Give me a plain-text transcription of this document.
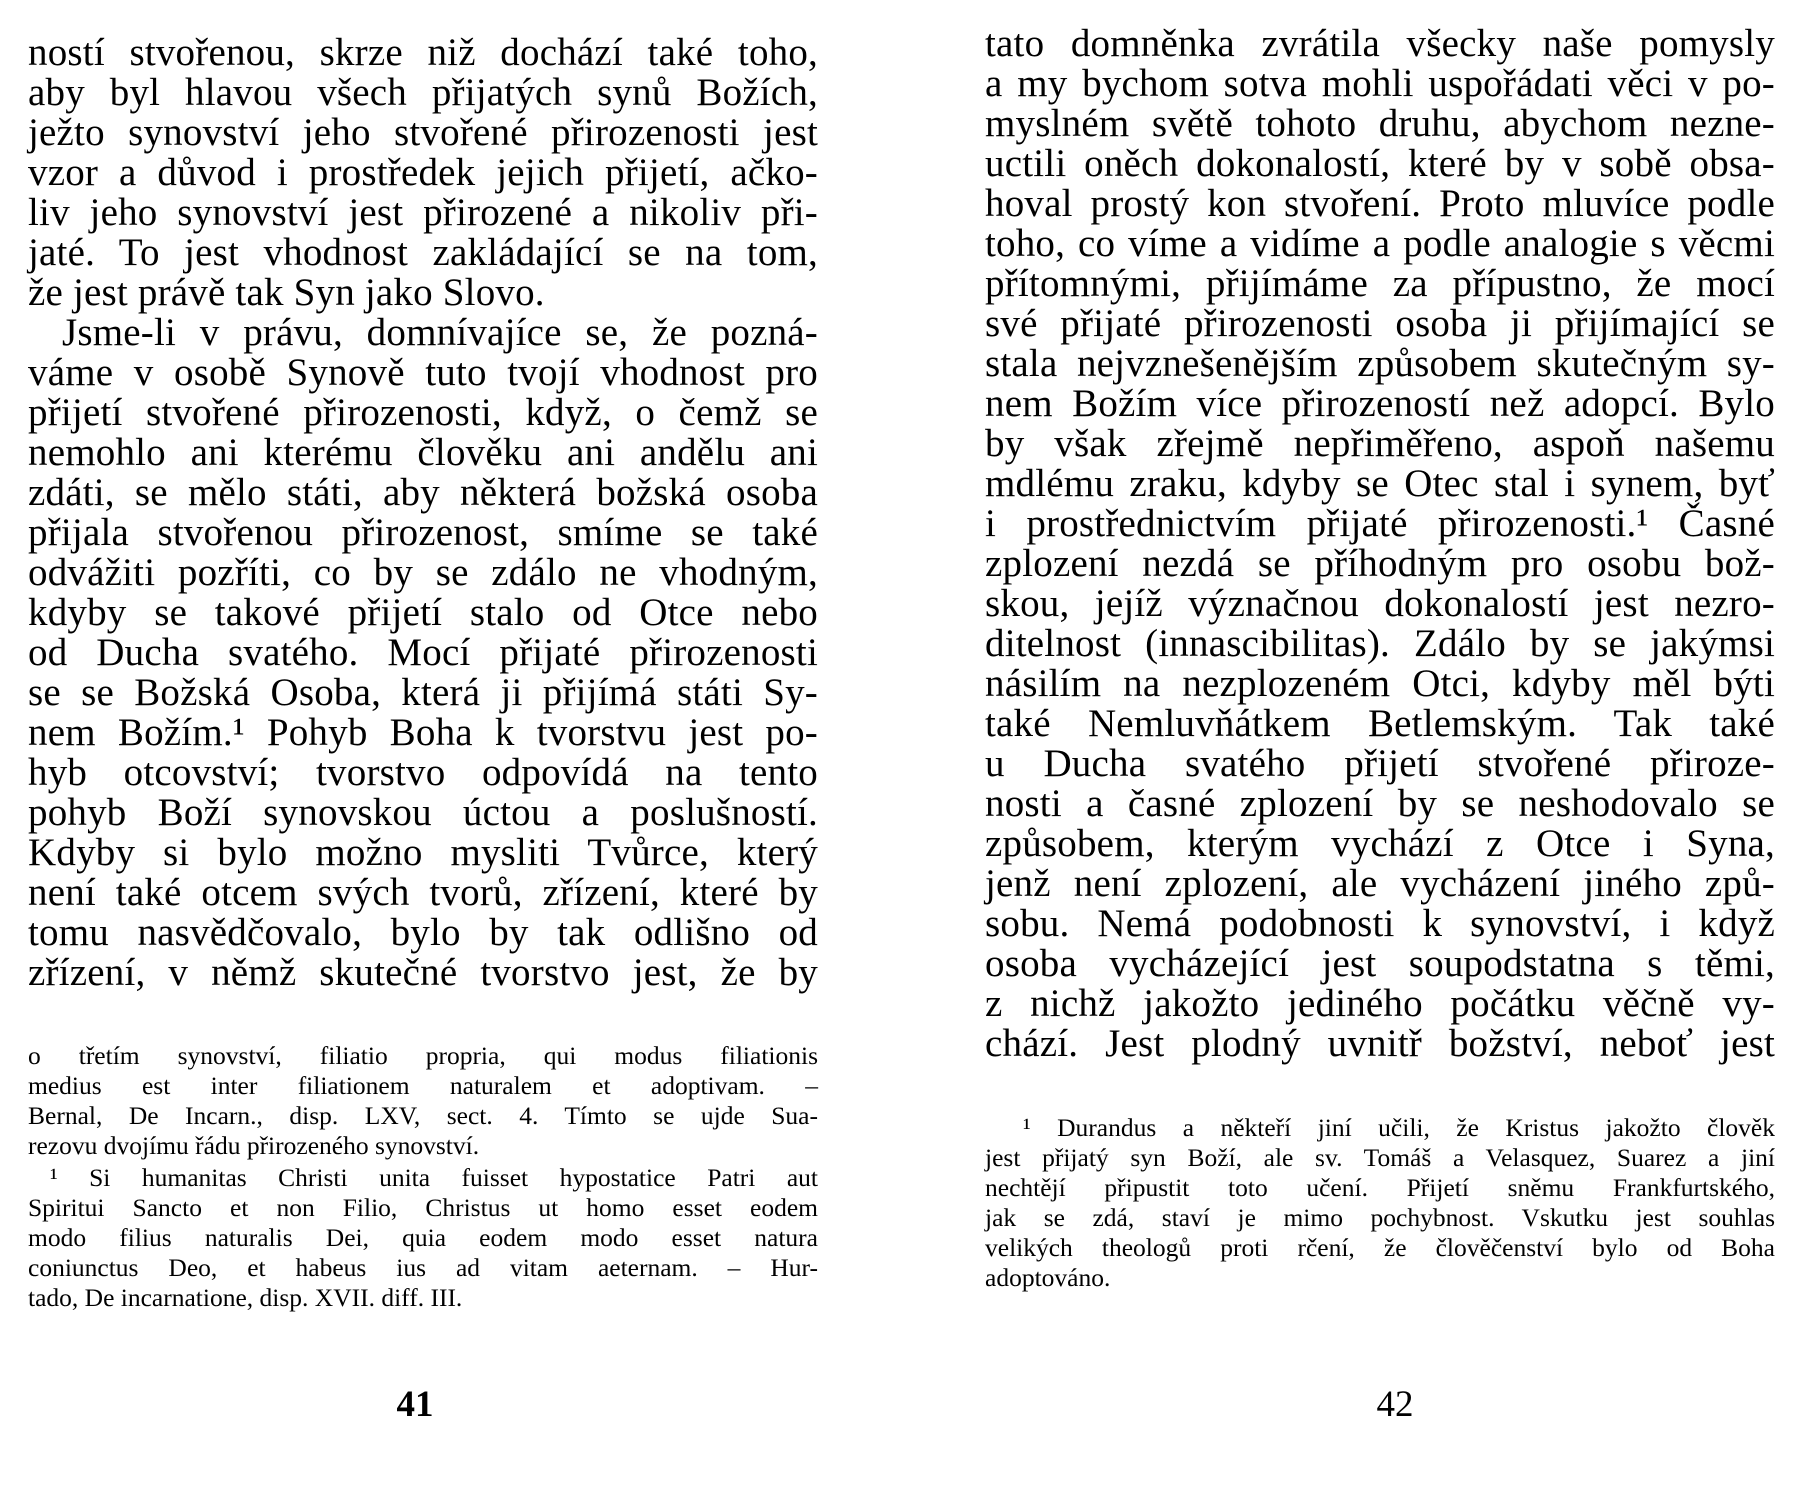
ností stvořenou, skrze niž dochází také toho,
aby byl hlavou všech přijatých synů Božích,
ježto synovství jeho stvořené přirozenosti jest
vzor a důvod i prostředek jejich přijetí, ačko-
liv jeho synovství jest přirozené a nikoliv při-
jaté. To jest vhodnost zakládající se na tom,
že jest právě tak Syn jako Slovo.
Jsme-li v právu, domnívajíce se, že pozná-
váme v osobě Synově tuto tvojí vhodnost pro
přijetí stvořené přirozenosti, když, o čemž se
nemohlo ani kterému člověku ani andělu ani
zdáti, se mělo státi, aby některá božská osoba
přijala stvořenou přirozenost, smíme se také
odvážiti pozříti, co by se zdálo ne vhodným,
kdyby se takové přijetí stalo od Otce nebo
od Ducha svatého. Mocí přijaté přirozenosti
se se Božská Osoba, která ji přijímá státi Sy-
nem Božím.¹ Pohyb Boha k tvorstvu jest po-
hyb otcovství; tvorstvo odpovídá na tento
pohyb Boží synovskou úctou a poslušností.
Kdyby si bylo možno mysliti Tvůrce, který
není také otcem svých tvorů, zřízení, které by
tomu nasvědčovalo, bylo by tak odlišno od
zřízení, v němž skutečné tvorstvo jest, že by
o třetím synovství, filiatio propria, qui modus filiationis
medius est inter filiationem naturalem et adoptivam. –
Bernal, De Incarn., disp. LXV, sect. 4. Tímto se ujde Sua-
rezovu dvojímu řádu přirozeného synovství.
¹ Si humanitas Christi unita fuisset hypostatice Patri aut
Spiritui Sancto et non Filio, Christus ut homo esset eodem
modo filius naturalis Dei, quia eodem modo esset natura
coniunctus Deo, et habeus ius ad vitam aeternam. – Hur-
tado, De incarnatione, disp. XVII. diff. III.
41
tato domněnka zvrátila všecky naše pomysly
a my bychom sotva mohli uspořádati věci v po-
myslném světě tohoto druhu, abychom nezne-
uctili oněch dokonalostí, které by v sobě obsa-
hoval prostý kon stvoření. Proto mluvíce podle
toho, co víme a vidíme a podle analogie s věcmi
přítomnými, přijímáme za přípustno, že mocí
své přijaté přirozenosti osoba ji přijímající se
stala nejvznešenějším způsobem skutečným sy-
nem Božím více přirozeností než adopcí. Bylo
by však zřejmě nepřiměřeno, aspoň našemu
mdlému zraku, kdyby se Otec stal i synem, byť
i prostřednictvím přijaté přirozenosti.¹ Časné
zplození nezdá se příhodným pro osobu bož-
skou, jejíž význačnou dokonalostí jest nezro-
ditelnost (innascibilitas). Zdálo by se jakýmsi
násilím na nezplozeném Otci, kdyby měl býti
také Nemluvňátkem Betlemským. Tak také
u Ducha svatého přijetí stvořené přiroze-
nosti a časné zplození by se neshodovalo se
způsobem, kterým vychází z Otce i Syna,
jenž není zplození, ale vycházení jiného způ-
sobu. Nemá podobnosti k synovství, i když
osoba vycházející jest soupodstatna s těmi,
z nichž jakožto jediného počátku věčně vy-
chází. Jest plodný uvnitř božství, neboť jest
¹ Durandus a někteří jiní učili, že Kristus jakožto člověk
jest přijatý syn Boží, ale sv. Tomáš a Velasquez, Suarez a jiní
nechtějí připustit toto učení. Přijetí sněmu Frankfurtského,
jak se zdá, staví je mimo pochybnost. Vskutku jest souhlas
velikých theologů proti rčení, že člověčenství bylo od Boha
adoptováno.
42
